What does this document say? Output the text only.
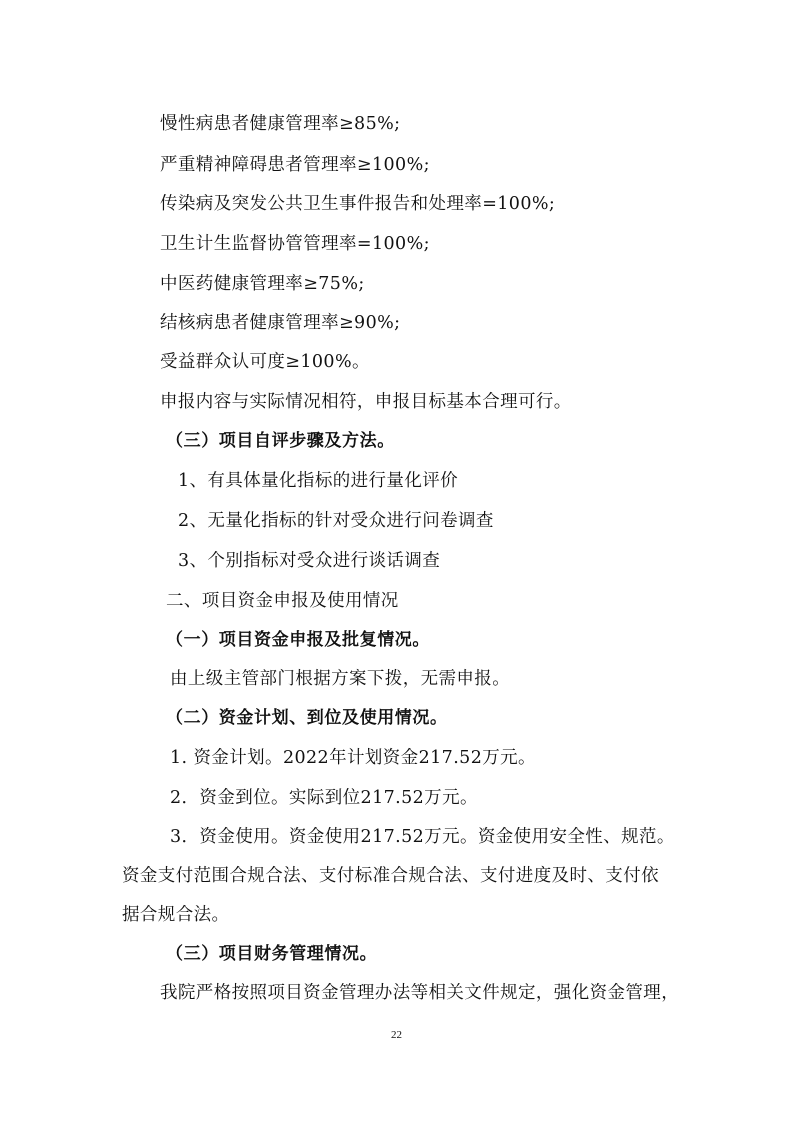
慢性病患者健康管理率≥85%;
严重精神障碍患者管理率≥100%;
传染病及突发公共卫生事件报告和处理率=100%;
卫生计生监督协管管理率=100%;
中医药健康管理率≥75%;
结核病患者健康管理率≥90%;
受益群众认可度≥100%。
申报内容与实际情况相符，申报目标基本合理可行。
（三）项目自评步骤及方法。
1、有具体量化指标的进行量化评价
2、无量化指标的针对受众进行问卷调查
3、个别指标对受众进行谈话调查
二、项目资金申报及使用情况
（一）项目资金申报及批复情况。
由上级主管部门根据方案下拨，无需申报。
（二）资金计划、到位及使用情况。
1. 资金计划。2022年计划资金217.52万元。
2．资金到位。实际到位217.52万元。
3．资金使用。资金使用217.52万元。资金使用安全性、规范。
资金支付范围合规合法、支付标准合规合法、支付进度及时、支付依
据合规合法。
（三）项目财务管理情况。
我院严格按照项目资金管理办法等相关文件规定，强化资金管理，
22
